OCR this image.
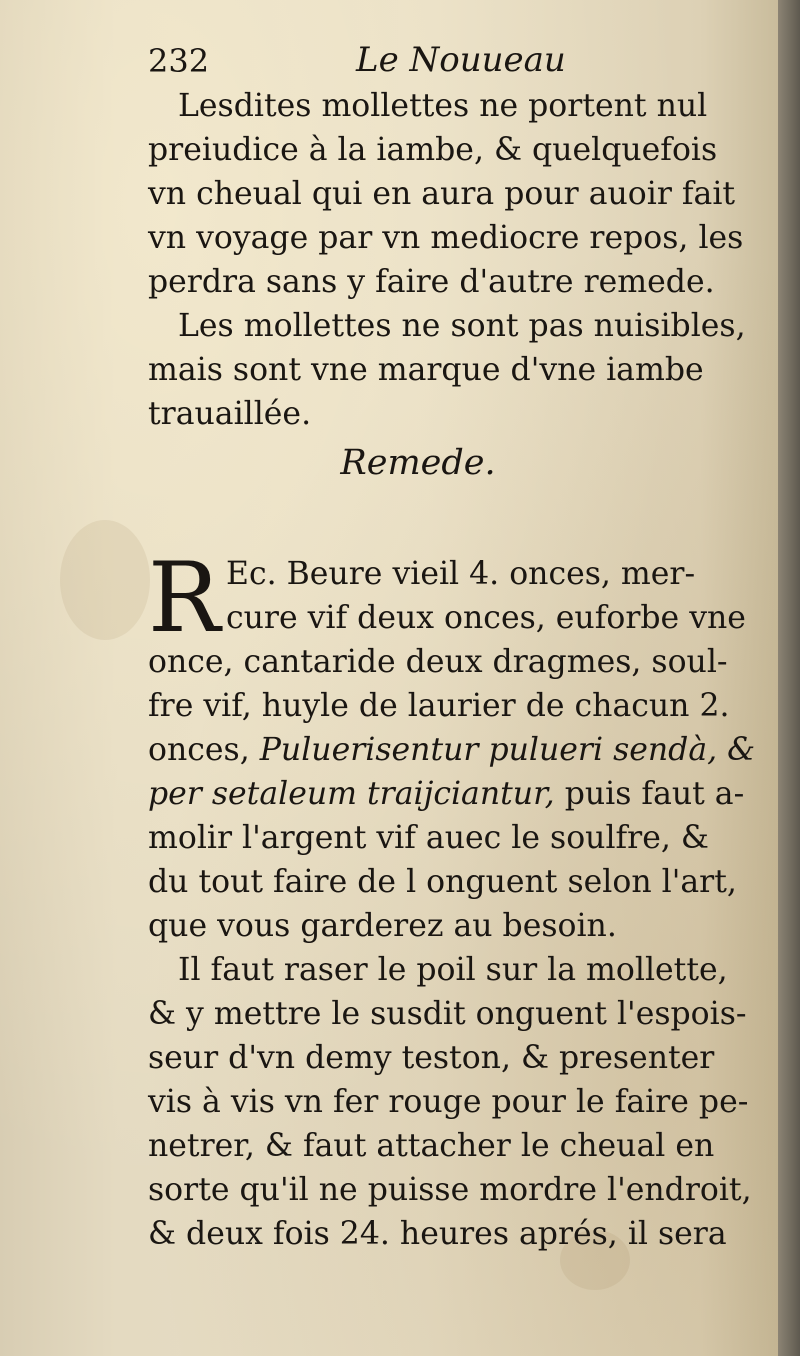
232	Le Nouueau
Lesdites mollettes ne portent nul
preiudice à la iambe, & quelquefois
vn cheual qui en aura pour auoir fait
vn voyage par vn mediocre repos, les
perdra sans y faire d'autre remede.
Les mollettes ne sont pas nuisibles,
mais sont vne marque d'vne iambe
trauaillée.
Remede.
R Ec. Beure vieil 4. onces, mer-
cure vif deux onces, euforbe vne
once, cantaride deux dragmes, soul-
fre vif, huyle de laurier de chacun 2.
onces, Puluerisentur pulueri sendà, &
per setaleum traijciantur, puis faut a-
molir l'argent vif auec le soulfre, &
du tout faire de l onguent selon l'art,
que vous garderez au besoin.
Il faut raser le poil sur la mollette,
& y mettre le susdit onguent l'espois-
seur d'vn demy teston, & presenter
vis à vis vn fer rouge pour le faire pe-
netrer, & faut attacher le cheual en
sorte qu'il ne puisse mordre l'endroit,
& deux fois 24. heures aprés, il sera
